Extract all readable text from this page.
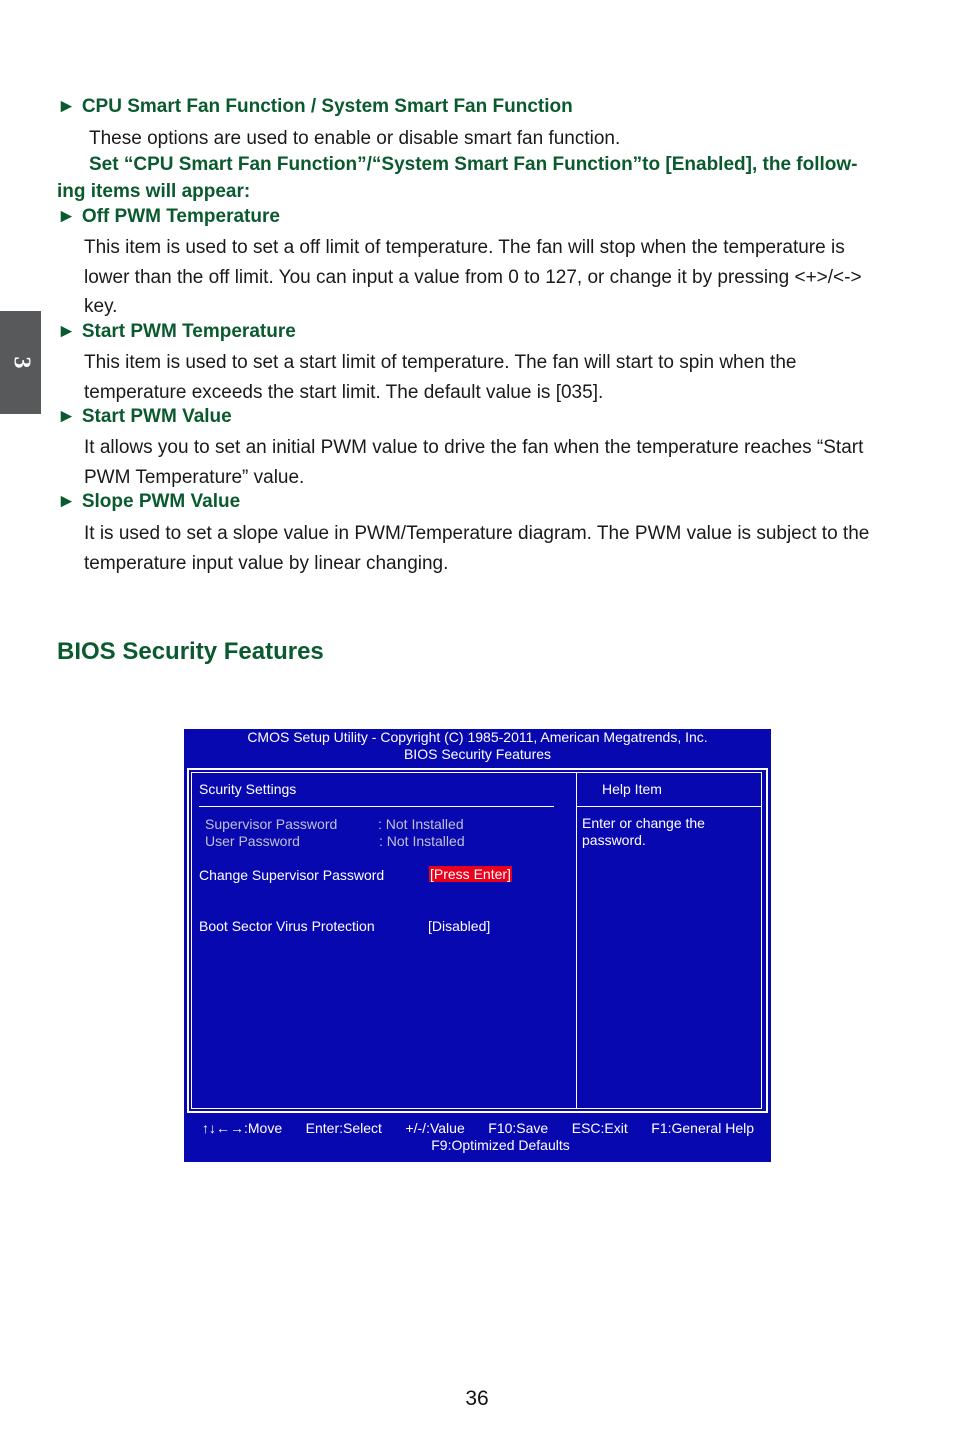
3
► CPU Smart Fan Function / System Smart Fan Function
These options are used to enable or disable smart fan function.
Set “CPU Smart Fan Function”/“System Smart Fan Function”to [Enabled], the follow-
ing items will appear:
► Off PWM Temperature
This item is used to set a off limit of temperature. The fan will stop when the temperature is
lower than the off limit. You can input a value from 0 to 127, or change it by pressing <+>/<->
key.
► Start PWM Temperature
This item is used to set a start limit of temperature. The fan will start to spin when the
temperature exceeds the start limit. The default value is [035].
► Start PWM Value
It allows you to set an initial PWM value to drive the fan when the temperature reaches “Start
PWM Temperature” value.
► Slope PWM Value
It is used to set a slope value in PWM/Temperature diagram. The PWM value is subject to the
temperature input value by linear changing.
BIOS Security Features
CMOS Setup Utility - Copyright (C) 1985-2011, American Megatrends, Inc.
BIOS Security Features
Scurity Settings
Supervisor Password	: Not Installed
User Password	: Not Installed
Change Supervisor Password	[Press Enter]
Boot Sector Virus Protection	[Disabled]
Help Item
Enter or change the password.
↑↓←→:Move Enter:Select +/-/:Value F10:Save ESC:Exit F1:General Help
F9:Optimized Defaults
36
